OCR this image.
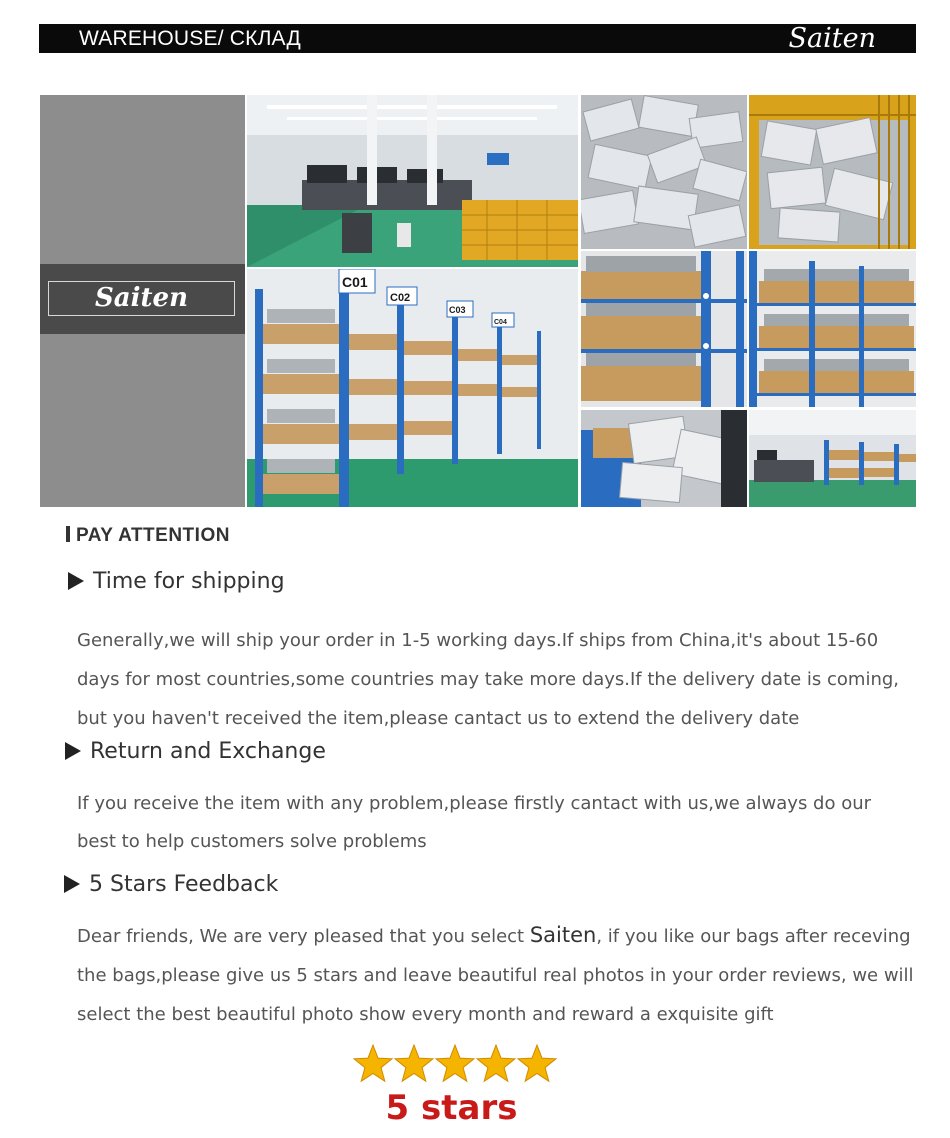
WAREHOUSE/ СКЛАД	Saiten
Saiten
C01
C02
C03
C04
PAY ATTENTION
Time for shipping
Generally,we will ship your order in 1-5 working days.If ships from China,it's about 15-60
days for most countries,some countries may take more days.If the delivery date is coming,
but you haven't received the item,please cantact us to extend the delivery date
Return and Exchange
If you receive the item with any problem,please firstly cantact with us,we always do our
best to help customers solve problems
5 Stars Feedback
Dear friends, We are very pleased that you select Saiten, if you like our bags after receving
the bags,please give us 5 stars and leave beautiful real photos in your order reviews, we will
select the best beautiful photo show every month and reward a exquisite gift
5 stars
